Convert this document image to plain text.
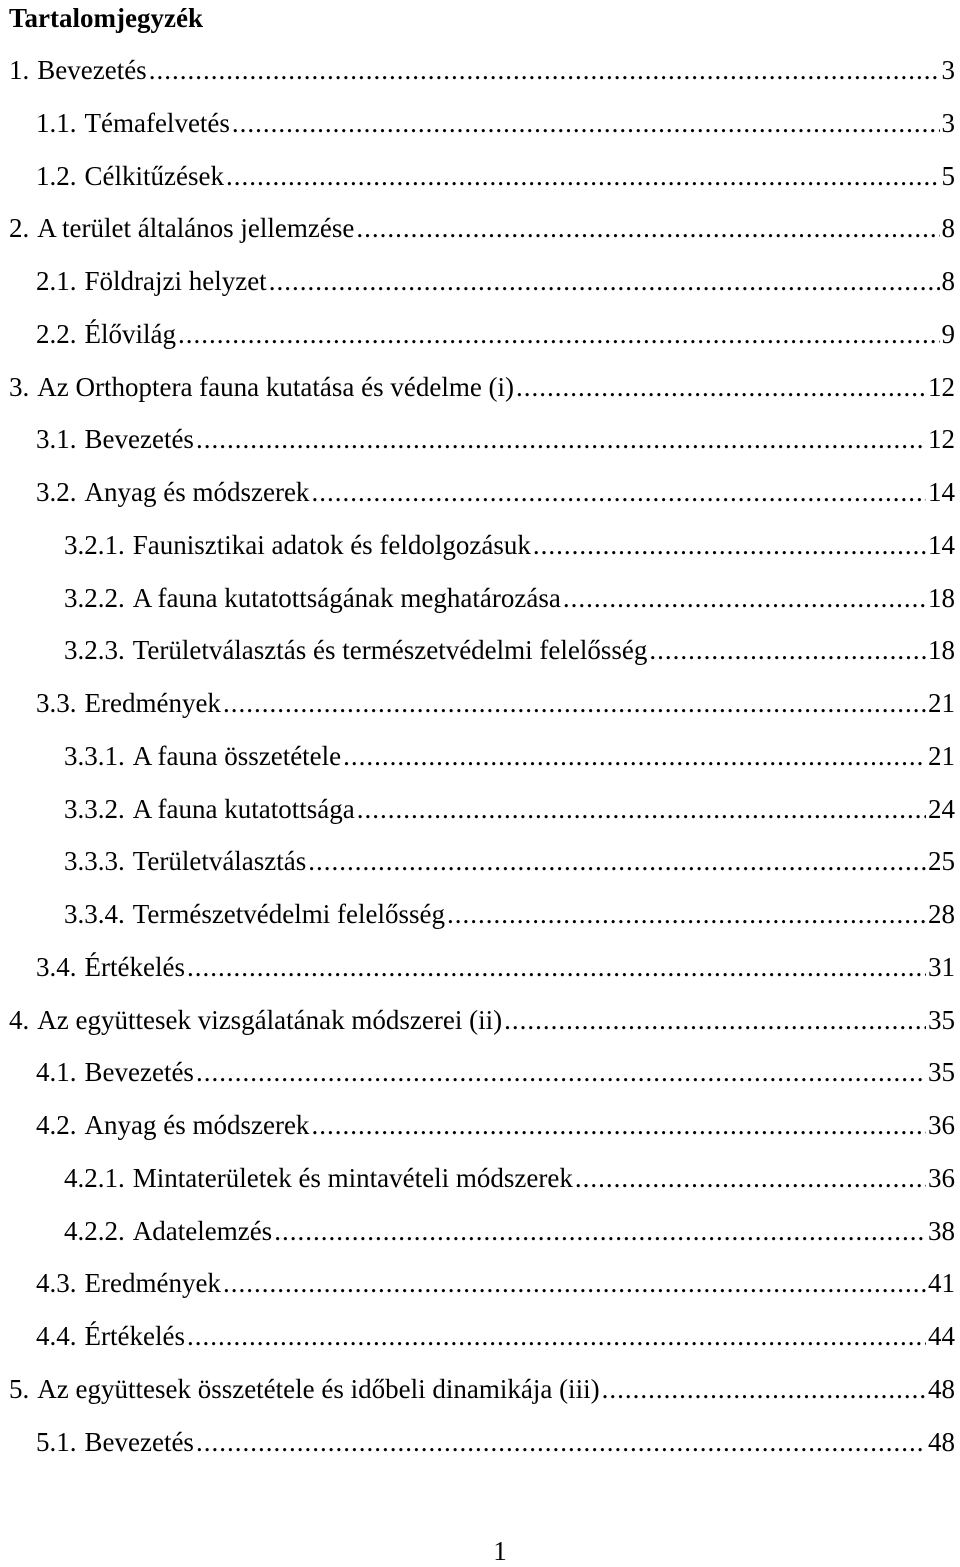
Tartalomjegyzék
1. Bevezetés .....	3
1.1. Témafelvetés .....	3
1.2. Célkitűzések .....	5
2. A terület általános jellemzése .....	8
2.1. Földrajzi helyzet .....	8
2.2. Élővilág .....	9
3. Az Orthoptera fauna kutatása és védelme (i) .....	12
3.1. Bevezetés .....	12
3.2. Anyag és módszerek .....	14
3.2.1. Faunisztikai adatok és feldolgozásuk .....	14
3.2.2. A fauna kutatottságának meghatározása .....	18
3.2.3. Területválasztás és természetvédelmi felelősség .....	18
3.3. Eredmények .....	21
3.3.1. A fauna összetétele .....	21
3.3.2. A fauna kutatottsága .....	24
3.3.3. Területválasztás .....	25
3.3.4. Természetvédelmi felelősség .....	28
3.4. Értékelés .....	31
4. Az együttesek vizsgálatának módszerei (ii) .....	35
4.1. Bevezetés .....	35
4.2. Anyag és módszerek .....	36
4.2.1. Mintaterületek és mintavételi módszerek .....	36
4.2.2. Adatelemzés .....	38
4.3. Eredmények .....	41
4.4. Értékelés .....	44
5. Az együttesek összetétele és időbeli dinamikája (iii) .....	48
5.1. Bevezetés .....	48
1
